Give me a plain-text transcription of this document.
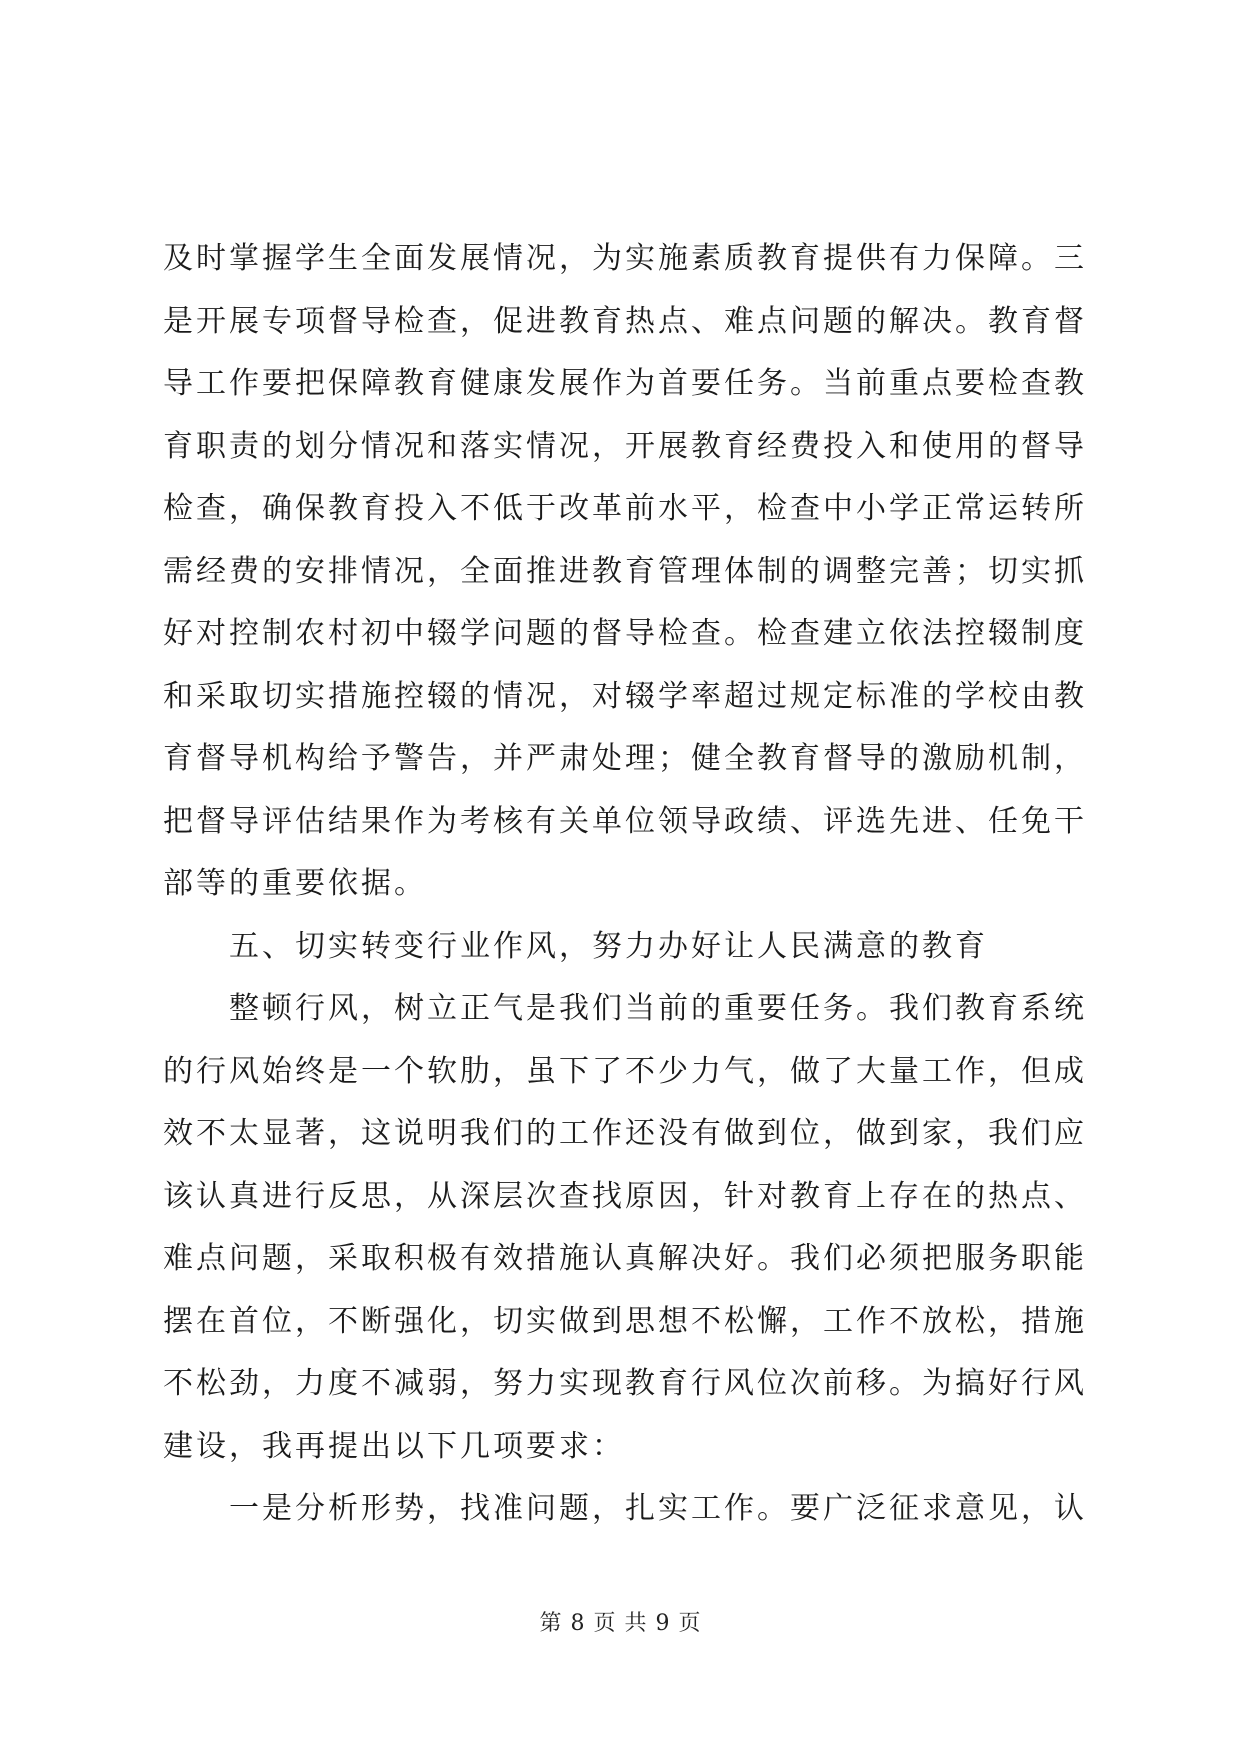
及时掌握学生全面发展情况，为实施素质教育提供有力保障。三
是开展专项督导检查，促进教育热点、难点问题的解决。教育督
导工作要把保障教育健康发展作为首要任务。当前重点要检查教
育职责的划分情况和落实情况，开展教育经费投入和使用的督导
检查，确保教育投入不低于改革前水平，检查中小学正常运转所
需经费的安排情况，全面推进教育管理体制的调整完善；切实抓
好对控制农村初中辍学问题的督导检查。检查建立依法控辍制度
和采取切实措施控辍的情况，对辍学率超过规定标准的学校由教
育督导机构给予警告，并严肃处理；健全教育督导的激励机制，
把督导评估结果作为考核有关单位领导政绩、评选先进、任免干
部等的重要依据。
五、切实转变行业作风，努力办好让人民满意的教育
整顿行风，树立正气是我们当前的重要任务。我们教育系统
的行风始终是一个软肋，虽下了不少力气，做了大量工作，但成
效不太显著，这说明我们的工作还没有做到位，做到家，我们应
该认真进行反思，从深层次查找原因，针对教育上存在的热点、
难点问题，采取积极有效措施认真解决好。我们必须把服务职能
摆在首位，不断强化，切实做到思想不松懈，工作不放松，措施
不松劲，力度不减弱，努力实现教育行风位次前移。为搞好行风
建设，我再提出以下几项要求：
一是分析形势，找准问题，扎实工作。要广泛征求意见，认
第 8 页 共 9 页
